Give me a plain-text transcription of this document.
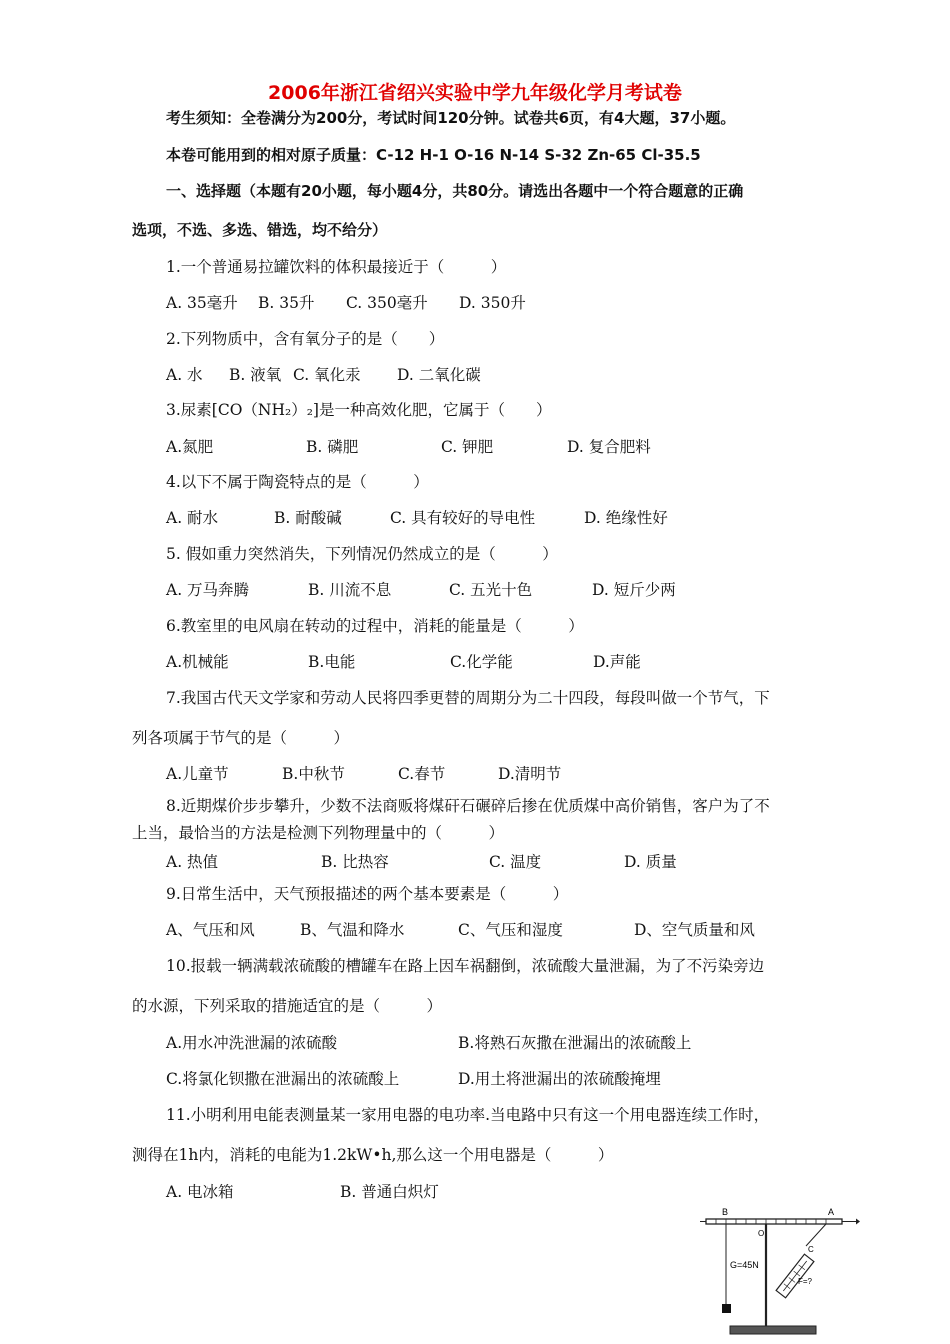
2006年浙江省绍兴实验中学九年级化学月考试卷
考生须知：全卷满分为200分，考试时间120分钟。试卷共6页，有4大题，37小题。
本卷可能用到的相对原子质量：C-12 H-1 O-16 N-14 S-32 Zn-65 Cl-35.5
一、选择题（本题有20小题，每小题4分，共80分。请选出各题中一个符合题意的正确
选项，不选、多选、错选，均不给分）
1.一个普通易拉罐饮料的体积最接近于（　　　）
A. 35毫升 B. 35升 C. 350毫升 D. 350升
2.下列物质中，含有氧分子的是（　　）
A. 水 B. 液氧 C. 氧化汞 D. 二氧化碳
3.尿素[CO（NH₂）₂]是一种高效化肥，它属于（　　）
A.氮肥	B. 磷肥	C. 钾肥	D. 复合肥料
4.以下不属于陶瓷特点的是（　　　）
A. 耐水	B. 耐酸碱	C. 具有较好的导电性	D. 绝缘性好
5. 假如重力突然消失，下列情况仍然成立的是（　　　）
A. 万马奔腾	B. 川流不息	C. 五光十色	D. 短斤少两
6.教室里的电风扇在转动的过程中，消耗的能量是（　　　）
A.机械能	B.电能	C.化学能	D.声能
7.我国古代天文学家和劳动人民将四季更替的周期分为二十四段，每段叫做一个节气，下
列各项属于节气的是（　　　）
A.儿童节	B.中秋节	C.春节	D.清明节
8.近期煤价步步攀升，少数不法商贩将煤矸石碾碎后掺在优质煤中高价销售，客户为了不
上当，最恰当的方法是检测下列物理量中的（　　　）
A. 热值	B. 比热容	C. 温度	D. 质量
9.日常生活中，天气预报描述的两个基本要素是（　　　）
A、气压和风	B、气温和降水	C、气压和湿度	D、空气质量和风
10.报载一辆满载浓硫酸的槽罐车在路上因车祸翻倒，浓硫酸大量泄漏，为了不污染旁边
的水源，下列采取的措施适宜的是（　　　）
A.用水冲洗泄漏的浓硫酸	B.将熟石灰撒在泄漏出的浓硫酸上
C.将氯化钡撒在泄漏出的浓硫酸上	D.用土将泄漏出的浓硫酸掩埋
11.小明利用电能表测量某一家用电器的电功率.当电路中只有这一个用电器连续工作时，
测得在1h内，消耗的电能为1.2kW•h,那么这一个用电器是（　　　）
A. 电冰箱	B. 普通白炽灯
B	A
G=45N
O
C
F=?
